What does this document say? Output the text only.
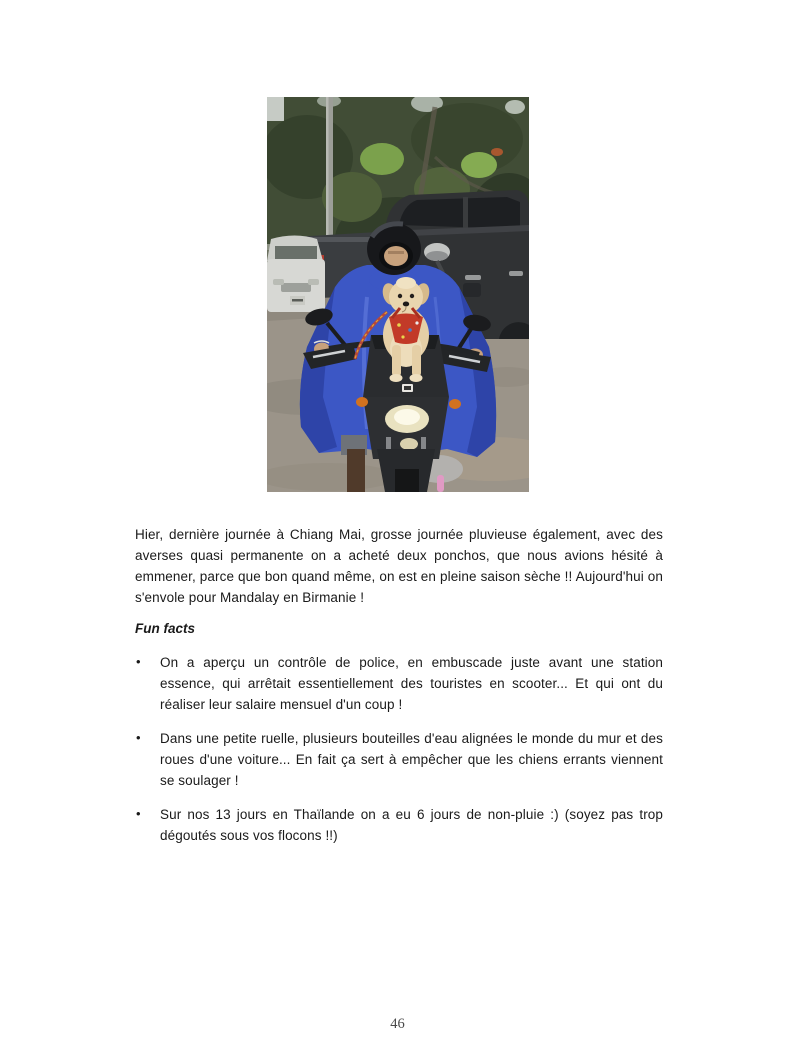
Hier, dernière journée à Chiang Mai, grosse journée pluvieuse également, avec des averses quasi permanente on a acheté deux ponchos, que nous avions hésité à emmener, parce que bon quand même, on est en pleine saison sèche !! Aujourd'hui on s'envole pour Mandalay en Birmanie !

Fun facts
• On a aperçu un contrôle de police, en embuscade juste avant une station essence, qui arrêtait essentiellement des touristes en scooter... Et qui ont du réaliser leur salaire mensuel d'un coup !
• Dans une petite ruelle, plusieurs bouteilles d'eau alignées le monde du mur et des roues d'une voiture... En fait ça sert à empêcher que les chiens errants viennent se soulager !
• Sur nos 13 jours en Thaïlande on a eu 6 jours de non-pluie :) (soyez pas trop dégoutés sous vos flocons !!)
46
